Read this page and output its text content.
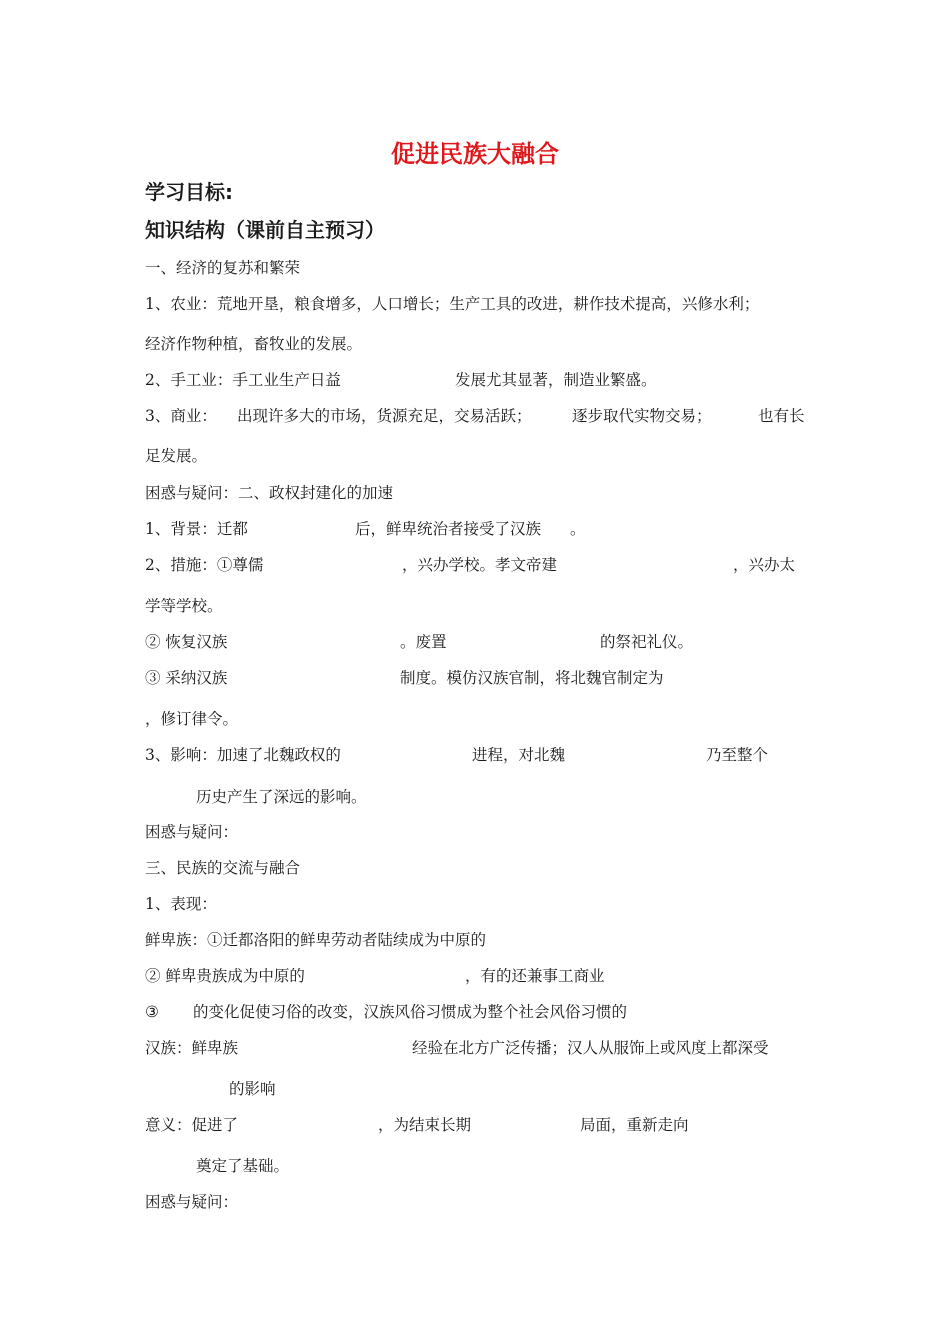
促进民族大融合
学习目标:
知识结构（课前自主预习）
一、经济的复苏和繁荣
1、农业：荒地开垦，粮食增多，人口增长；生产工具的改进，耕作技术提高，兴修水利；
经济作物种植，畜牧业的发展。
2、手工业：手工业生产日益	发展尤其显著，制造业繁盛。
3、商业： 出现许多大的市场，货源充足，交易活跃；	逐步取代实物交易；	也有长
足发展。
困惑与疑问：二、政权封建化的加速
1、背景：迁都	后，鲜卑统治者接受了汉族 。
2、措施：①尊儒	，兴办学校。孝文帝建	，兴办太
学等学校。
② 恢复汉族	。废置	的祭祀礼仪。
③ 采纳汉族	制度。模仿汉族官制，将北魏官制定为
，修订律令。
3、影响：加速了北魏政权的	进程，对北魏	乃至整个
历史产生了深远的影响。
困惑与疑问：
三、民族的交流与融合
1、表现：
鲜卑族：①迁都洛阳的鲜卑劳动者陆续成为中原的
② 鲜卑贵族成为中原的	，有的还兼事工商业
③ 的变化促使习俗的改变，汉族风俗习惯成为整个社会风俗习惯的
汉族：鲜卑族	经验在北方广泛传播；汉人从服饰上或风度上都深受
的影响
意义：促进了	，为结束长期	局面，重新走向
奠定了基础。
困惑与疑问：
